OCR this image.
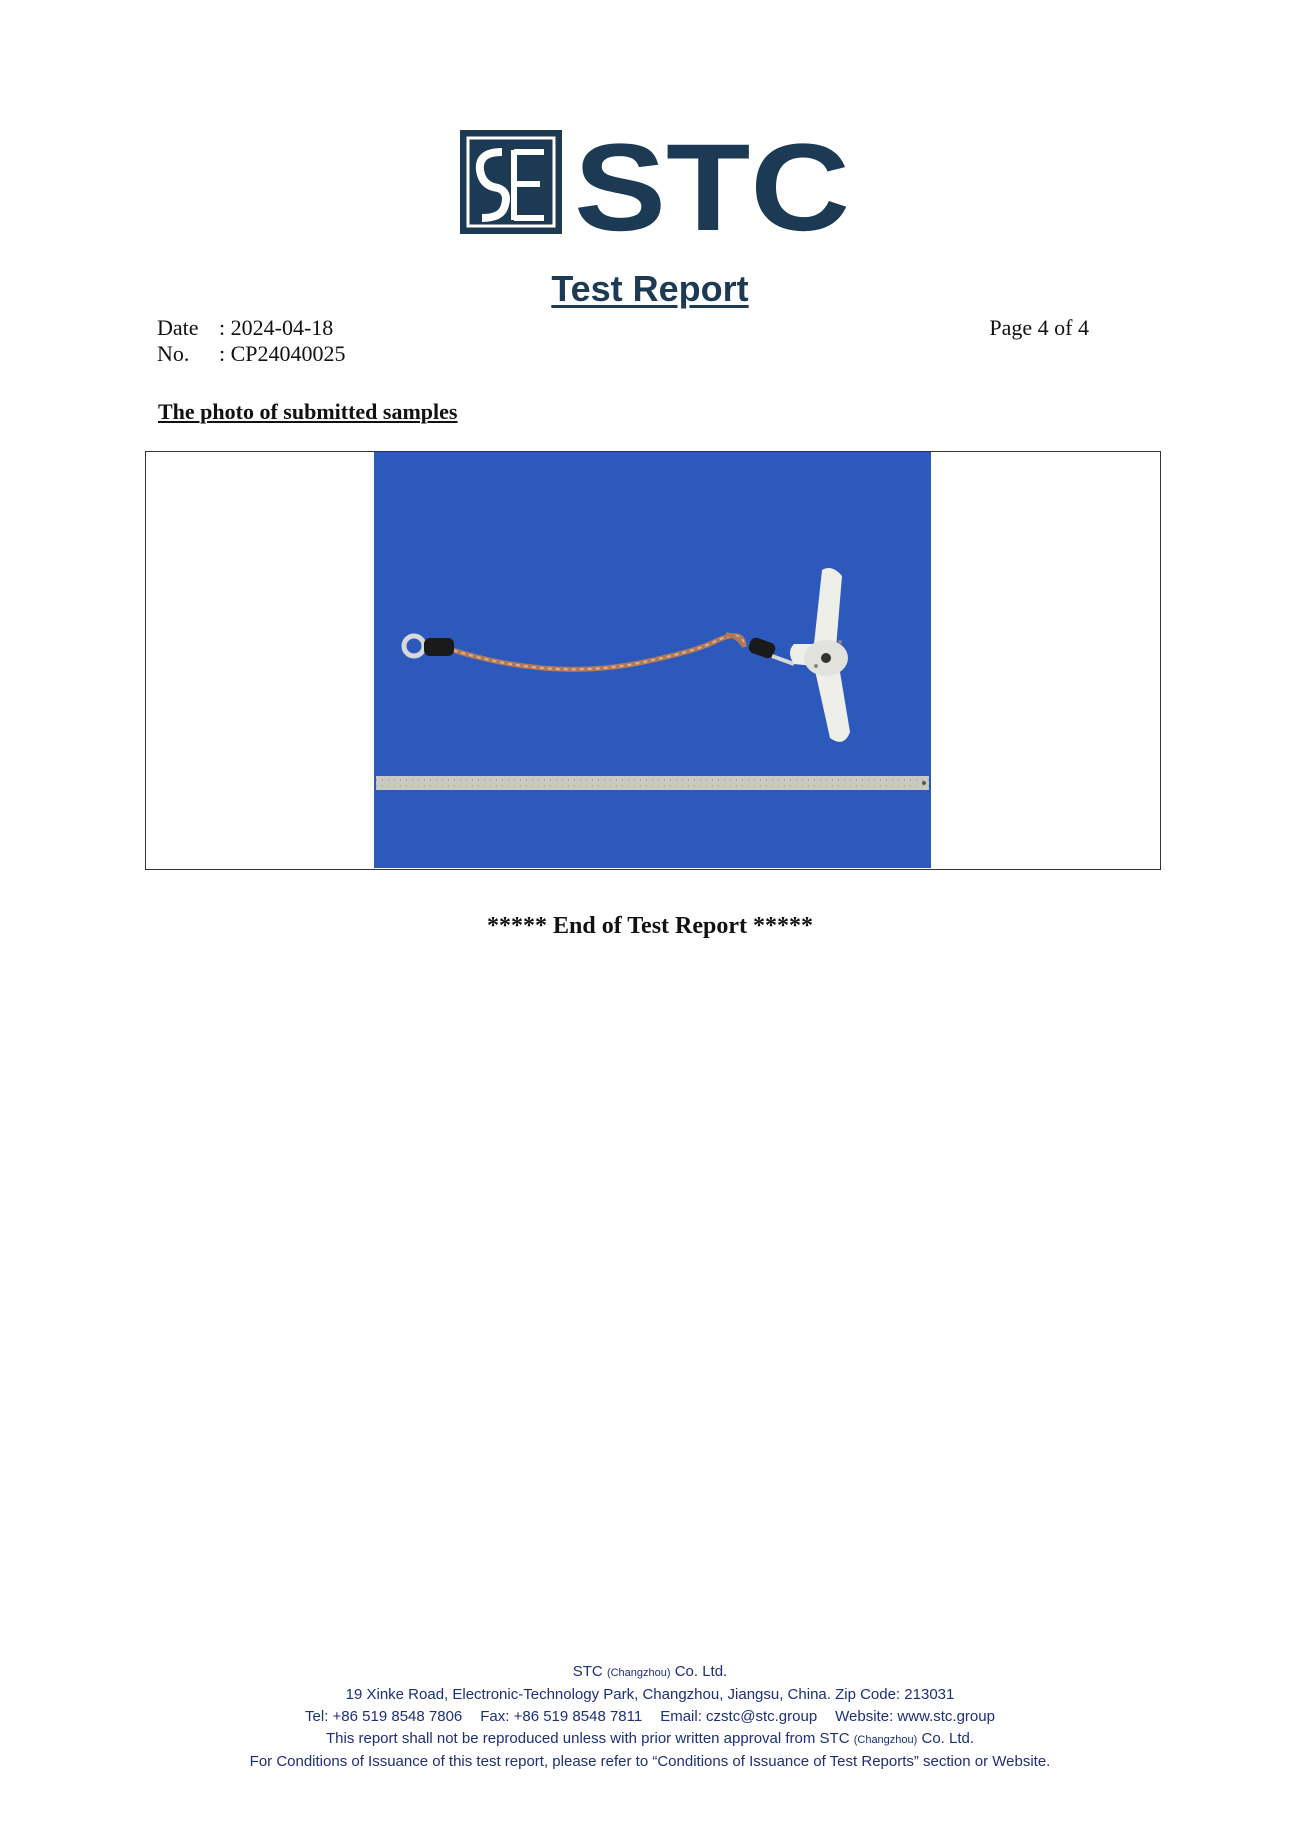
STC
Test Report
Date : 2024-04-18
No. : CP24040025
Page 4 of 4
The photo of submitted samples
***** End of Test Report *****
STC (Changzhou) Co. Ltd.
19 Xinke Road, Electronic-Technology Park, Changzhou, Jiangsu, China. Zip Code: 213031
Tel: +86 519 8548 7806 Fax: +86 519 8548 7811 Email: czstc@stc.group Website: www.stc.group
This report shall not be reproduced unless with prior written approval from STC (Changzhou) Co. Ltd.
For Conditions of Issuance of this test report, please refer to “Conditions of Issuance of Test Reports” section or Website.
